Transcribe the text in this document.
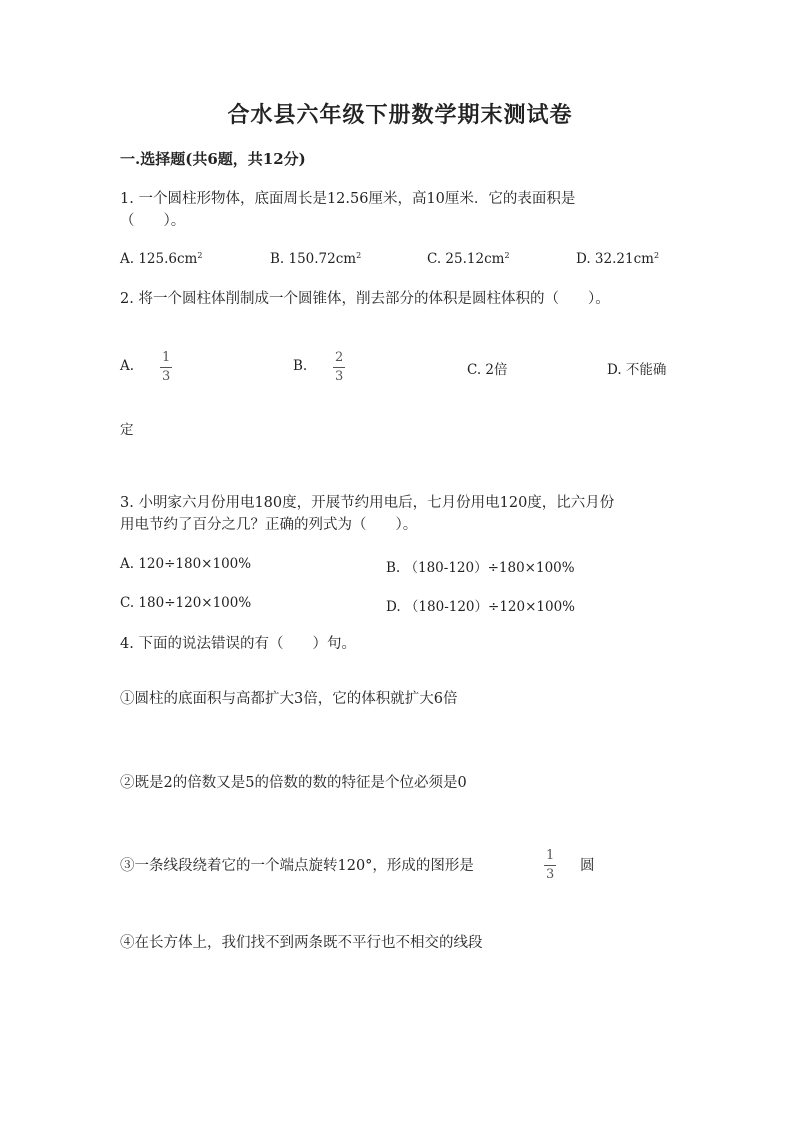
合水县六年级下册数学期末测试卷
一.选择题(共6题，共12分)
1. 一个圆柱形物体，底面周长是12.56厘米，高10厘米．它的表面积是
（　　）。
A. $125.6cm^2$	B. $150.72cm^2$	C. $25.12cm^2$	D. $32.21cm^2$
2. 将一个圆柱体削制成一个圆锥体，削去部分的体积是圆柱体积的（　　）。
A.
1
3
B.
2
3	C. 2倍	D. 不能确
定
3. 小明家六月份用电180度，开展节约用电后，七月份用电120度，比六月份
用电节约了百分之几？正确的列式为（　　）。
A. 120÷180×100%	B. （180-120）÷180×100%
C. 180÷120×100%	D. （180-120）÷120×100%
4. 下面的说法错误的有（　　）句。
①圆柱的底面积与高都扩大3倍，它的体积就扩大6倍
②既是2的倍数又是5的倍数的数的特征是个位必须是0
③一条线段绕着它的一个端点旋转120°，形成的图形是
1
3
圆
④在长方体上，我们找不到两条既不平行也不相交的线段
